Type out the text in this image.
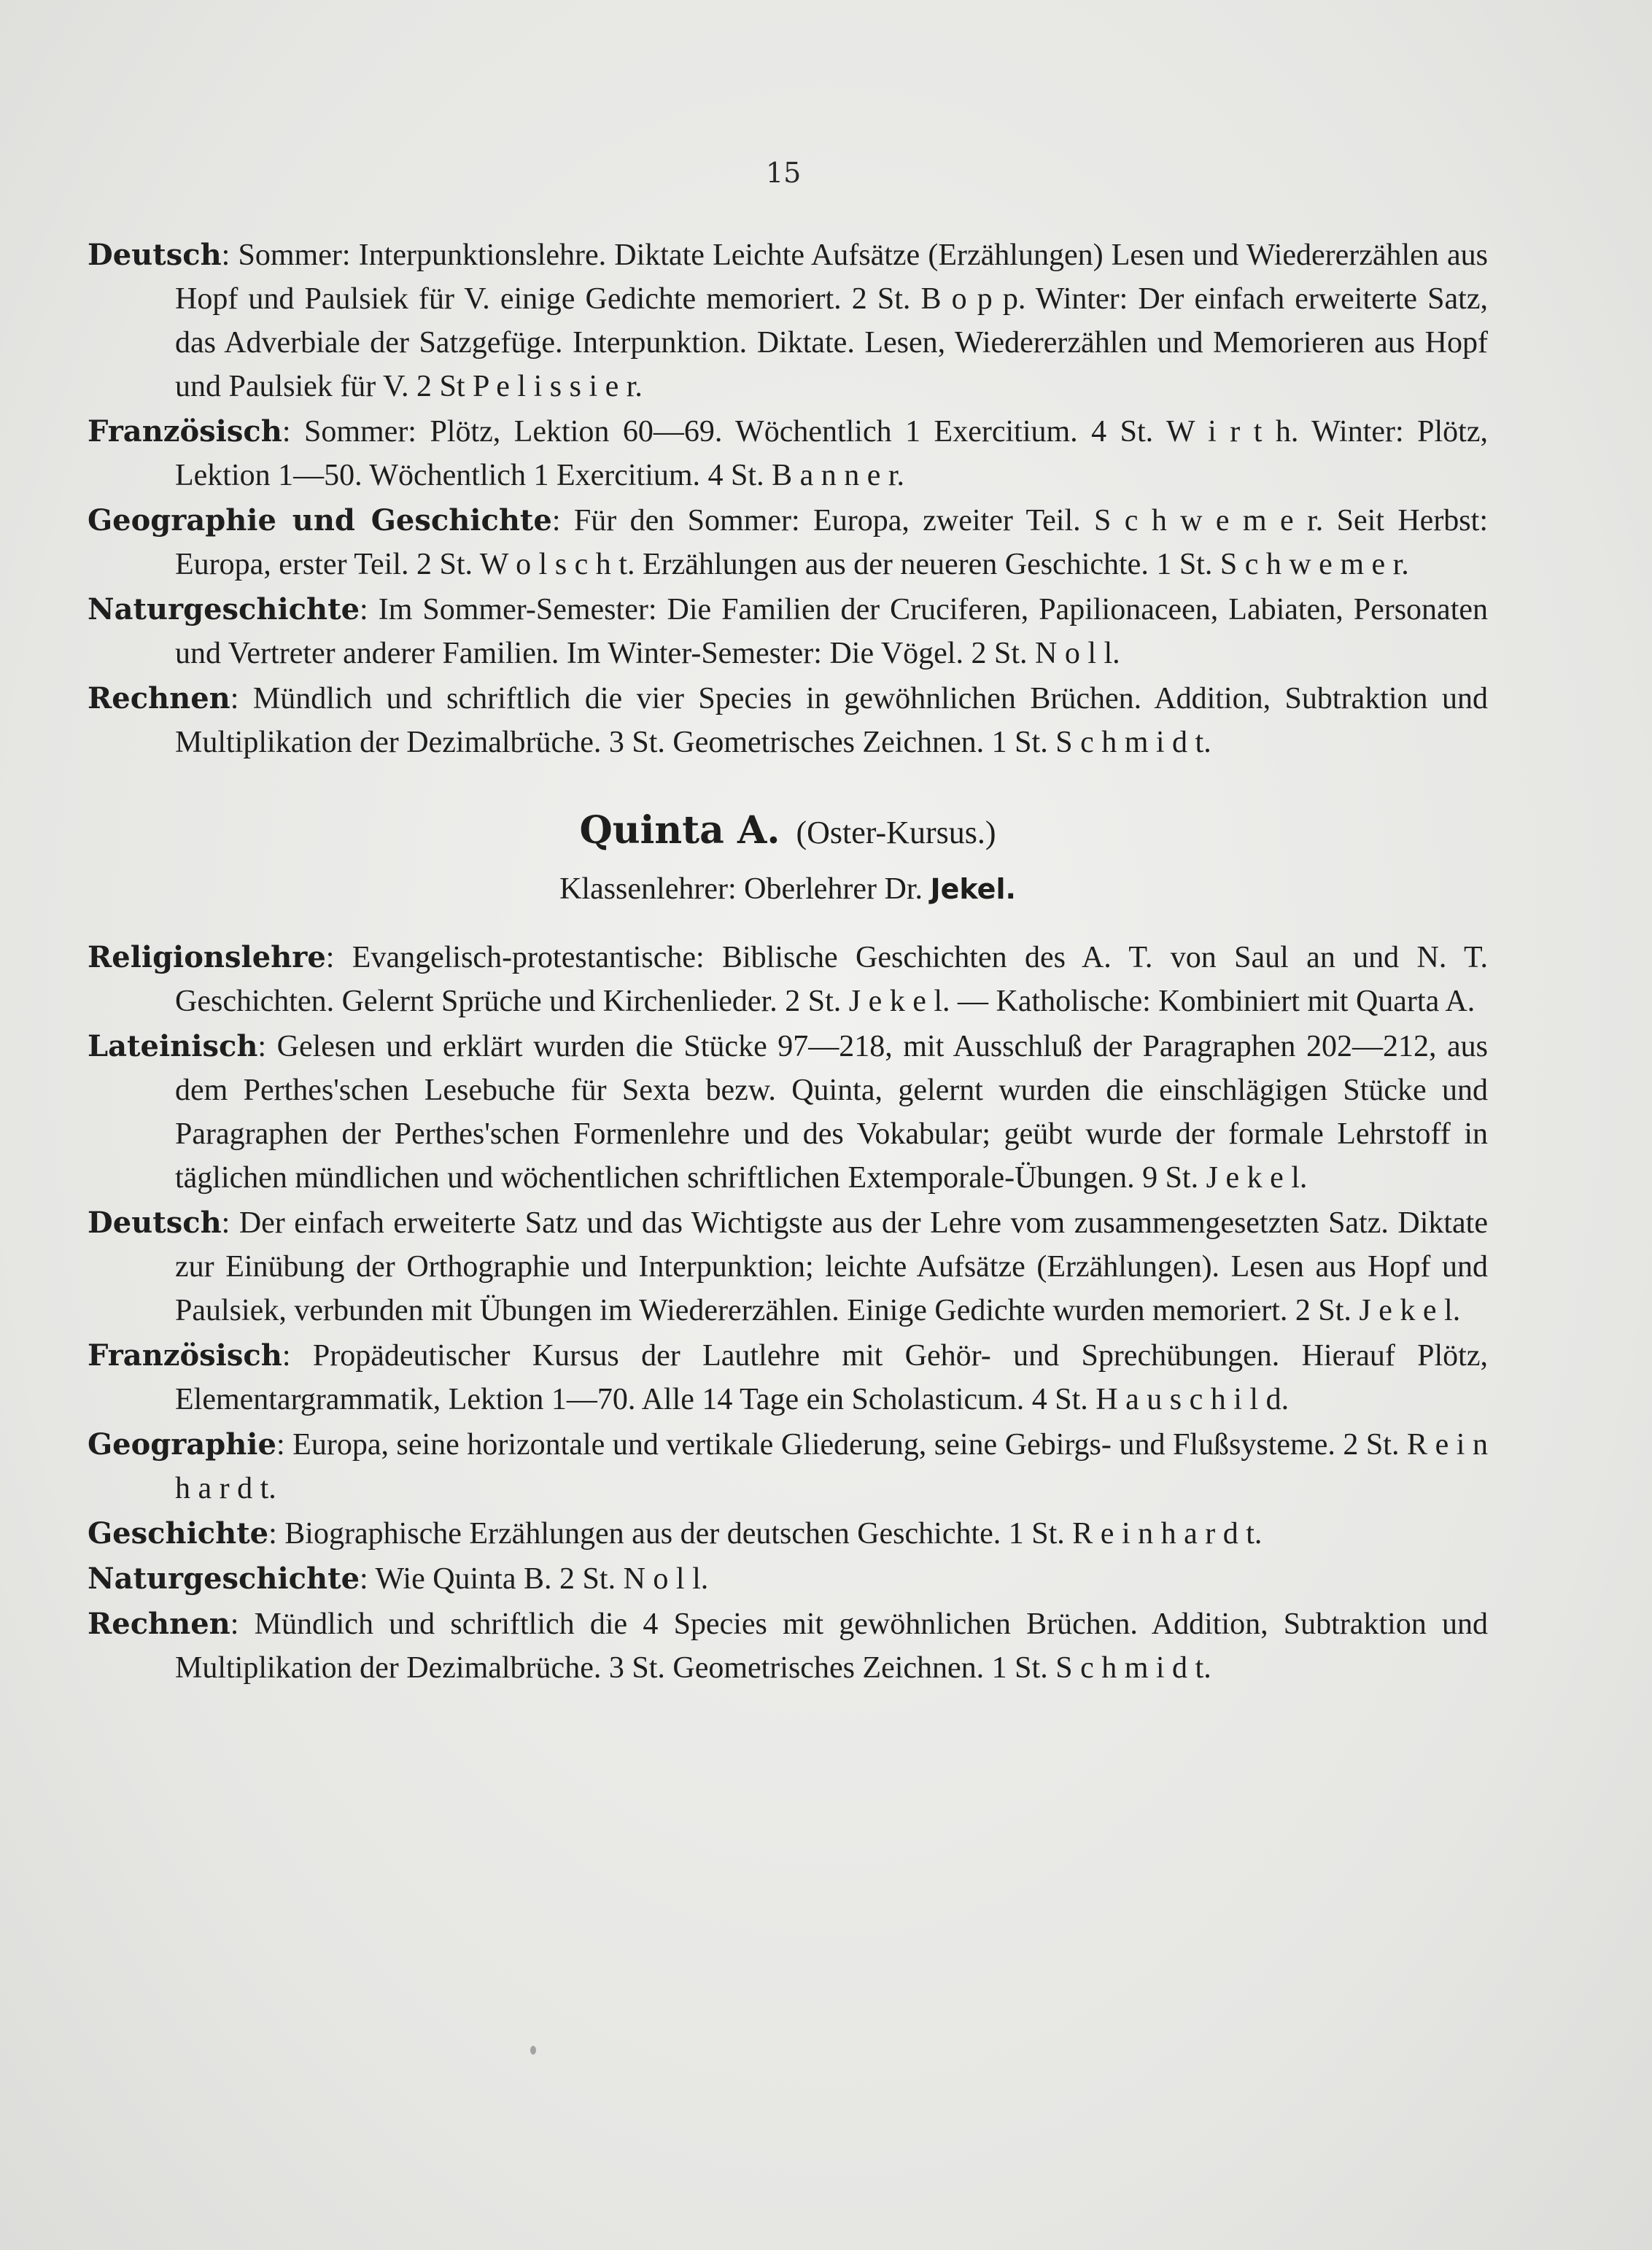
15

Deutsch: Sommer: Interpunktionslehre. Diktate Leichte Aufsätze (Erzählungen) Lesen und Wiedererzählen aus Hopf und Paulsiek für V. einige Gedichte memoriert. 2 St. B o p p. Winter: Der einfach erweiterte Satz, das Adverbiale der Satzgefüge. Interpunktion. Diktate. Lesen, Wiedererzählen und Memorieren aus Hopf und Paulsiek für V. 2 St P e l i s s i e r.

Französisch: Sommer: Plötz, Lektion 60—69. Wöchentlich 1 Exercitium. 4 St. W i r t h. Winter: Plötz, Lektion 1—50. Wöchentlich 1 Exercitium. 4 St. B a n n e r.

Geographie und Geschichte: Für den Sommer: Europa, zweiter Teil. S c h w e m e r. Seit Herbst: Europa, erster Teil. 2 St. W o l s c h t. Erzählungen aus der neueren Geschichte. 1 St. S c h w e m e r.

Naturgeschichte: Im Sommer-Semester: Die Familien der Cruciferen, Papilionaceen, Labiaten, Personaten und Vertreter anderer Familien. Im Winter-Semester: Die Vögel. 2 St. N o l l.

Rechnen: Mündlich und schriftlich die vier Species in gewöhnlichen Brüchen. Addition, Subtraktion und Multiplikation der Dezimalbrüche. 3 St. Geometrisches Zeichnen. 1 St. S c h m i d t.

Quinta A. (Oster-Kursus.)
Klassenlehrer: Oberlehrer Dr. Jekel.

Religionslehre: Evangelisch-protestantische: Biblische Geschichten des A. T. von Saul an und N. T. Geschichten. Gelernt Sprüche und Kirchenlieder. 2 St. J e k e l. — Katholische: Kombiniert mit Quarta A.

Lateinisch: Gelesen und erklärt wurden die Stücke 97—218, mit Ausschluß der Paragraphen 202—212, aus dem Perthes'schen Lesebuche für Sexta bezw. Quinta, gelernt wurden die einschlägigen Stücke und Paragraphen der Perthes'schen Formenlehre und des Vokabular; geübt wurde der formale Lehrstoff in täglichen mündlichen und wöchentlichen schriftlichen Extemporale-Übungen. 9 St. J e k e l.

Deutsch: Der einfach erweiterte Satz und das Wichtigste aus der Lehre vom zusammengesetzten Satz. Diktate zur Einübung der Orthographie und Interpunktion; leichte Aufsätze (Erzählungen). Lesen aus Hopf und Paulsiek, verbunden mit Übungen im Wiedererzählen. Einige Gedichte wurden memoriert. 2 St. J e k e l.

Französisch: Propädeutischer Kursus der Lautlehre mit Gehör- und Sprechübungen. Hierauf Plötz, Elementargrammatik, Lektion 1—70. Alle 14 Tage ein Scholasticum. 4 St. H a u s c h i l d.

Geographie: Europa, seine horizontale und vertikale Gliederung, seine Gebirgs- und Flußsysteme. 2 St. R e i n h a r d t.

Geschichte: Biographische Erzählungen aus der deutschen Geschichte. 1 St. R e i n h a r d t.

Naturgeschichte: Wie Quinta B. 2 St. N o l l.

Rechnen: Mündlich und schriftlich die 4 Species mit gewöhnlichen Brüchen. Addition, Subtraktion und Multiplikation der Dezimalbrüche. 3 St. Geometrisches Zeichnen. 1 St. S c h m i d t.
